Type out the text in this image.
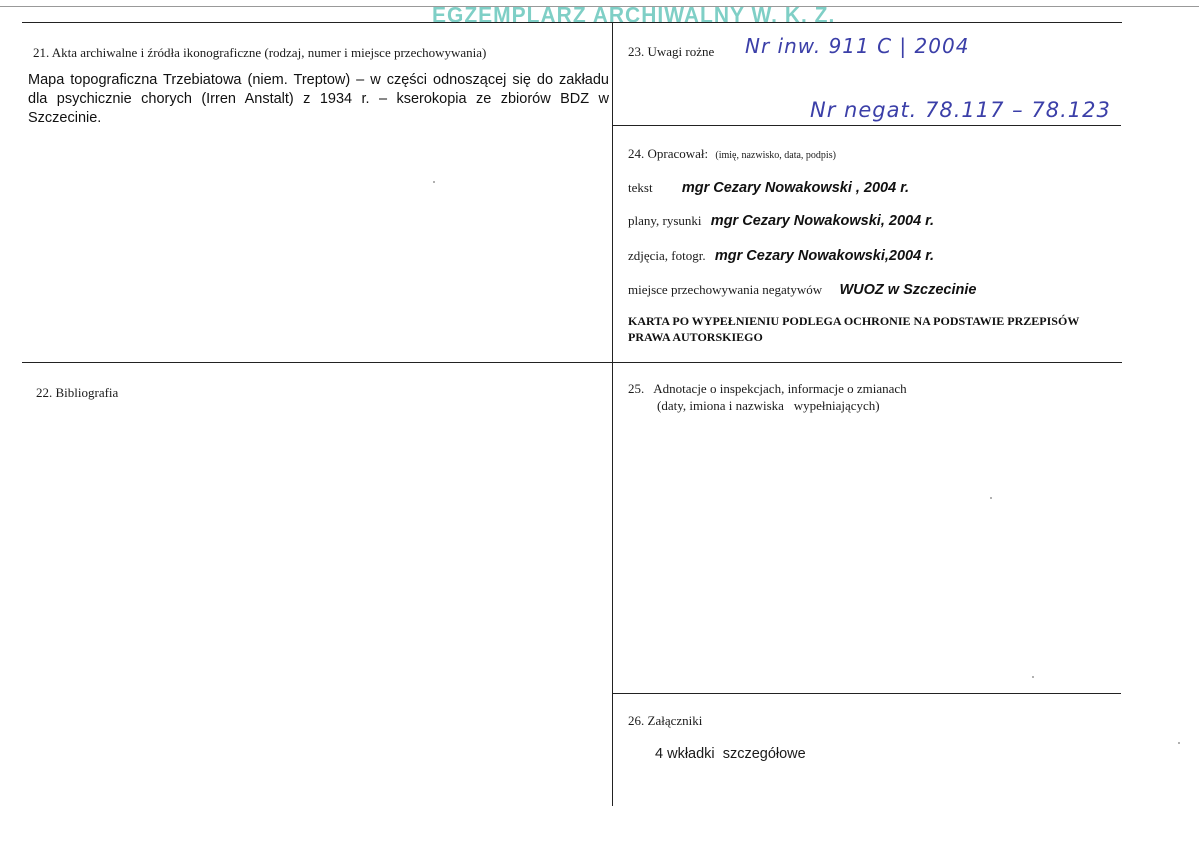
EGZEMPLARZ ARCHIWALNY W. K. Z.
21. Akta archiwalne i źródła ikonograficzne (rodzaj, numer i miejsce przechowywania)
Mapa topograficzna Trzebiatowa (niem. Treptow) – w części odnoszącej się do zakładu dla psychicznie chorych (Irren Anstalt) z 1934 r. – kserokopia ze zbiorów BDZ w Szczecinie.
23. Uwagi rożne Nr inw. 911 C | 2004
Nr negat. 78.117 – 78.123
24. Opracował: (imię, nazwisko, data, podpis)
tekst mgr Cezary Nowakowski , 2004 r.
plany, rysunki mgr Cezary Nowakowski, 2004 r.
zdjęcia, fotogr. mgr Cezary Nowakowski,2004 r.
miejsce przechowywania negatywów WUOZ w Szczecinie
KARTA PO WYPEŁNIENIU PODLEGA OCHRONIE NA PODSTAWIE PRZEPISÓW PRAWA AUTORSKIEGO
22. Bibliografia	25.   Adnotacje o inspekcjach, informacje o zmianach
(daty, imiona i nazwiska   wypełniających)
26. Załączniki
4 wkładki  szczegółowe
